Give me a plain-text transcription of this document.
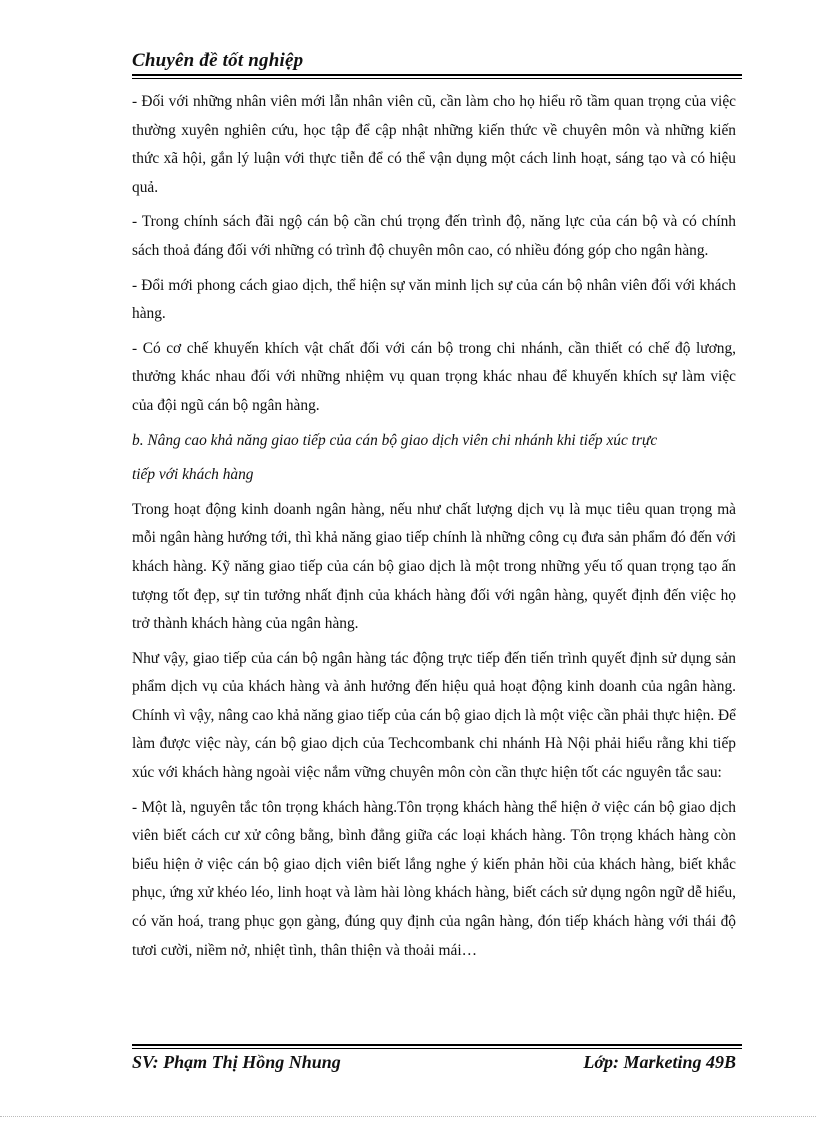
Chuyên đề tốt nghiệp

- Đối với những nhân viên mới lẫn nhân viên cũ, cần làm cho họ hiểu rõ tầm quan trọng của việc thường xuyên nghiên cứu, học tập để cập nhật những kiến thức về chuyên môn và những kiến thức xã hội, gắn lý luận với thực tiễn để có thể vận dụng một cách linh hoạt, sáng tạo và có hiệu quả.

- Trong chính sách đãi ngộ cán bộ cần chú trọng đến trình độ, năng lực của cán bộ và có chính sách thoả đáng đối với những có trình độ chuyên môn cao, có nhiều đóng góp cho ngân hàng.

- Đổi mới phong cách giao dịch, thể hiện sự văn minh lịch sự của cán bộ nhân viên đối với khách hàng.

- Có cơ chế khuyến khích vật chất đối với cán bộ trong chi nhánh, cần thiết có chế độ lương, thưởng khác nhau đối với những nhiệm vụ quan trọng khác nhau để khuyến khích sự làm việc của đội ngũ cán bộ ngân hàng.

b. Nâng cao khả năng giao tiếp của cán bộ giao dịch viên chi nhánh khi tiếp xúc trực
tiếp với khách hàng

Trong hoạt động kinh doanh ngân hàng, nếu như chất lượng dịch vụ là mục tiêu quan trọng mà mỗi ngân hàng hướng tới, thì khả năng giao tiếp chính là những công cụ đưa sản phẩm đó đến với khách hàng. Kỹ năng giao tiếp của cán bộ giao dịch là một trong những yếu tố quan trọng tạo ấn tượng tốt đẹp, sự tin tưởng nhất định của khách hàng đối với ngân hàng, quyết định đến việc họ trở thành khách hàng của ngân hàng.

Như vậy, giao tiếp của cán bộ ngân hàng tác động trực tiếp đến tiến trình quyết định sử dụng sản phẩm dịch vụ của khách hàng và ảnh hưởng đến hiệu quả hoạt động kinh doanh của ngân hàng. Chính vì vậy, nâng cao khả năng giao tiếp của cán bộ giao dịch là một việc cần phải thực hiện. Để làm được việc này, cán bộ giao dịch của Techcombank chi nhánh Hà Nội phải hiểu rằng khi tiếp xúc với khách hàng ngoài việc nắm vững chuyên môn còn cần thực hiện tốt các nguyên tắc sau:

- Một là, nguyên tắc tôn trọng khách hàng.Tôn trọng khách hàng thể hiện ở việc cán bộ giao dịch viên biết cách cư xử công bằng, bình đẳng giữa các loại khách hàng. Tôn trọng khách hàng còn biểu hiện ở việc cán bộ giao dịch viên biết lắng nghe ý kiến phản hồi của khách hàng, biết khắc phục, ứng xử khéo léo, linh hoạt và làm hài lòng khách hàng, biết cách sử dụng ngôn ngữ dễ hiểu, có văn hoá, trang phục gọn gàng, đúng quy định của ngân hàng, đón tiếp khách hàng với thái độ tươi cười, niềm nở, nhiệt tình, thân thiện và thoải mái…

SV: Phạm Thị Hồng Nhung	Lớp: Marketing 49B
